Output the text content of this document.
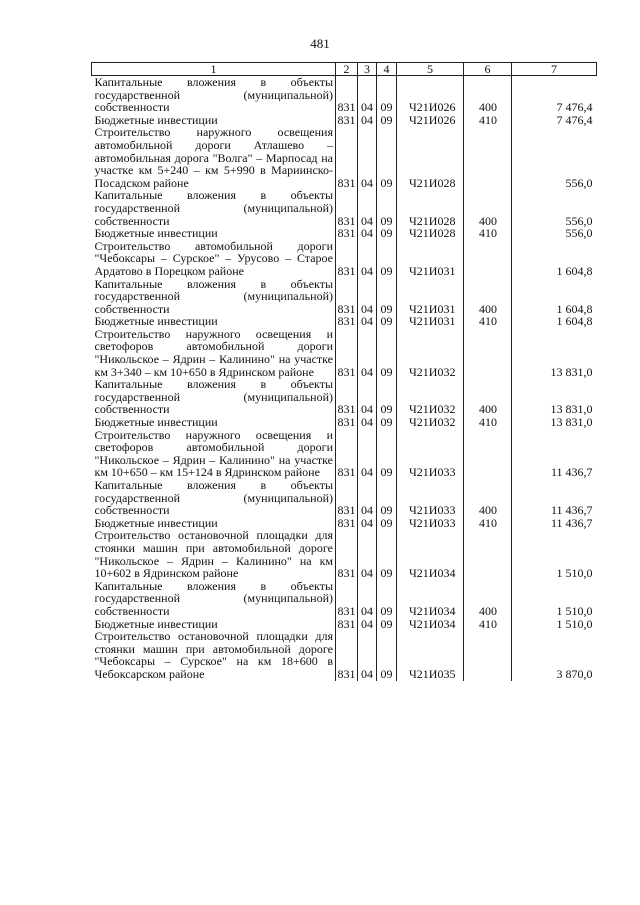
481
1	2	3	4	5	6	7
Капитальные вложения в объекты государственной (муниципальной) собственности	831	04	09	Ч21И026	400	7 476,4
Бюджетные инвестиции	831	04	09	Ч21И026	410	7 476,4
Строительство наружного освещения автомобильной дороги Атлашево – автомобильная дорога "Волга" – Марпосад на участке км 5+240 – км 5+990 в Мариинско-Посадском районе	831	04	09	Ч21И028		556,0
Капитальные вложения в объекты государственной (муниципальной) собственности	831	04	09	Ч21И028	400	556,0
Бюджетные инвестиции	831	04	09	Ч21И028	410	556,0
Строительство автомобильной дороги "Чебоксары – Сурское" – Урусово – Старое Ардатово в Порецком районе	831	04	09	Ч21И031		1 604,8
Капитальные вложения в объекты государственной (муниципальной) собственности	831	04	09	Ч21И031	400	1 604,8
Бюджетные инвестиции	831	04	09	Ч21И031	410	1 604,8
Строительство наружного освещения и светофоров автомобильной дороги "Никольское – Ядрин – Калинино" на участке км 3+340 – км 10+650 в Ядринском районе	831	04	09	Ч21И032		13 831,0
Капитальные вложения в объекты государственной (муниципальной) собственности	831	04	09	Ч21И032	400	13 831,0
Бюджетные инвестиции	831	04	09	Ч21И032	410	13 831,0
Строительство наружного освещения и светофоров автомобильной дороги "Никольское – Ядрин – Калинино" на участке км 10+650 – км 15+124 в Ядринском районе	831	04	09	Ч21И033		11 436,7
Капитальные вложения в объекты государственной (муниципальной) собственности	831	04	09	Ч21И033	400	11 436,7
Бюджетные инвестиции	831	04	09	Ч21И033	410	11 436,7
Строительство остановочной площадки для стоянки машин при автомобильной дороге "Никольское – Ядрин – Калинино" на км 10+602 в Ядринском районе	831	04	09	Ч21И034		1 510,0
Капитальные вложения в объекты государственной (муниципальной) собственности	831	04	09	Ч21И034	400	1 510,0
Бюджетные инвестиции	831	04	09	Ч21И034	410	1 510,0
Строительство остановочной площадки для стоянки машин при автомобильной дороге "Чебоксары – Сурское" на км 18+600 в Чебоксарском районе	831	04	09	Ч21И035		3 870,0
